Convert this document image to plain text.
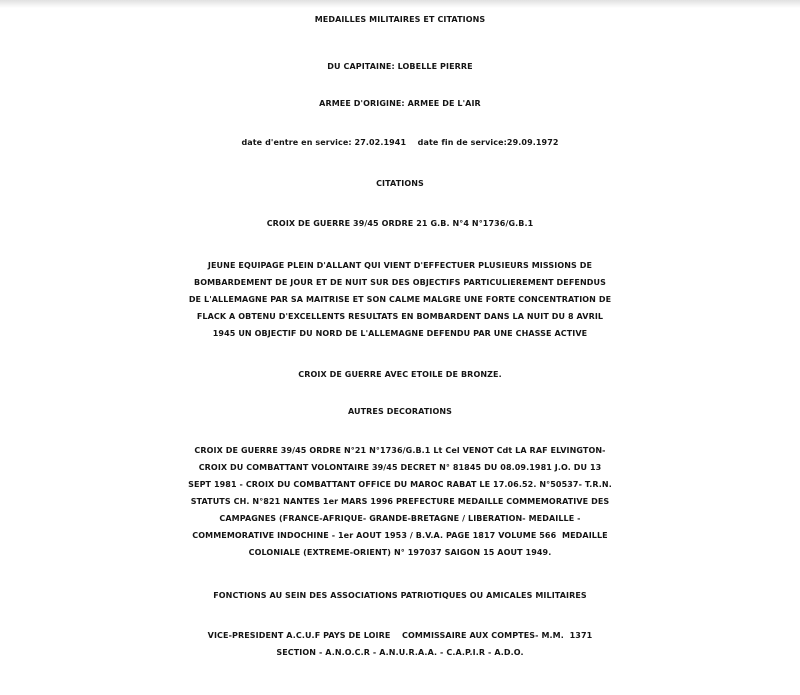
MEDAILLES MILITAIRES ET CITATIONS
DU CAPITAINE: LOBELLE PIERRE
ARMEE D'ORIGINE: ARMEE DE L'AIR
date d'entre en service: 27.02.1941    date fin de service:29.09.1972
CITATIONS
CROIX DE GUERRE 39/45 ORDRE 21 G.B. N°4 N°1736/G.B.1
JEUNE EQUIPAGE PLEIN D'ALLANT QUI VIENT D'EFFECTUER PLUSIEURS MISSIONS DE
BOMBARDEMENT DE JOUR ET DE NUIT SUR DES OBJECTIFS PARTICULIEREMENT DEFENDUS
DE L'ALLEMAGNE PAR SA MAITRISE ET SON CALME MALGRE UNE FORTE CONCENTRATION DE
FLACK A OBTENU D'EXCELLENTS RESULTATS EN BOMBARDENT DANS LA NUIT DU 8 AVRIL
1945 UN OBJECTIF DU NORD DE L'ALLEMAGNE DEFENDU PAR UNE CHASSE ACTIVE
CROIX DE GUERRE AVEC ETOILE DE BRONZE.
AUTRES DECORATIONS
CROIX DE GUERRE 39/45 ORDRE N°21 N°1736/G.B.1 Lt Cel VENOT Cdt LA RAF ELVINGTON-
CROIX DU COMBATTANT VOLONTAIRE 39/45 DECRET N° 81845 DU 08.09.1981 J.O. DU 13
SEPT 1981 - CROIX DU COMBATTANT OFFICE DU MAROC RABAT LE 17.06.52. N°50537- T.R.N.
STATUTS CH. N°821 NANTES 1er MARS 1996 PREFECTURE MEDAILLE COMMEMORATIVE DES
CAMPAGNES (FRANCE-AFRIQUE- GRANDE-BRETAGNE / LIBERATION- MEDAILLE -
COMMEMORATIVE INDOCHINE - 1er AOUT 1953 / B.V.A. PAGE 1817 VOLUME 566  MEDAILLE
COLONIALE (EXTREME-ORIENT) N° 197037 SAIGON 15 AOUT 1949.
FONCTIONS AU SEIN DES ASSOCIATIONS PATRIOTIQUES OU AMICALES MILITAIRES
VICE-PRESIDENT A.C.U.F PAYS DE LOIRE    COMMISSAIRE AUX COMPTES- M.M.  1371
SECTION - A.N.O.C.R - A.N.U.R.A.A. - C.A.P.I.R - A.D.O.
